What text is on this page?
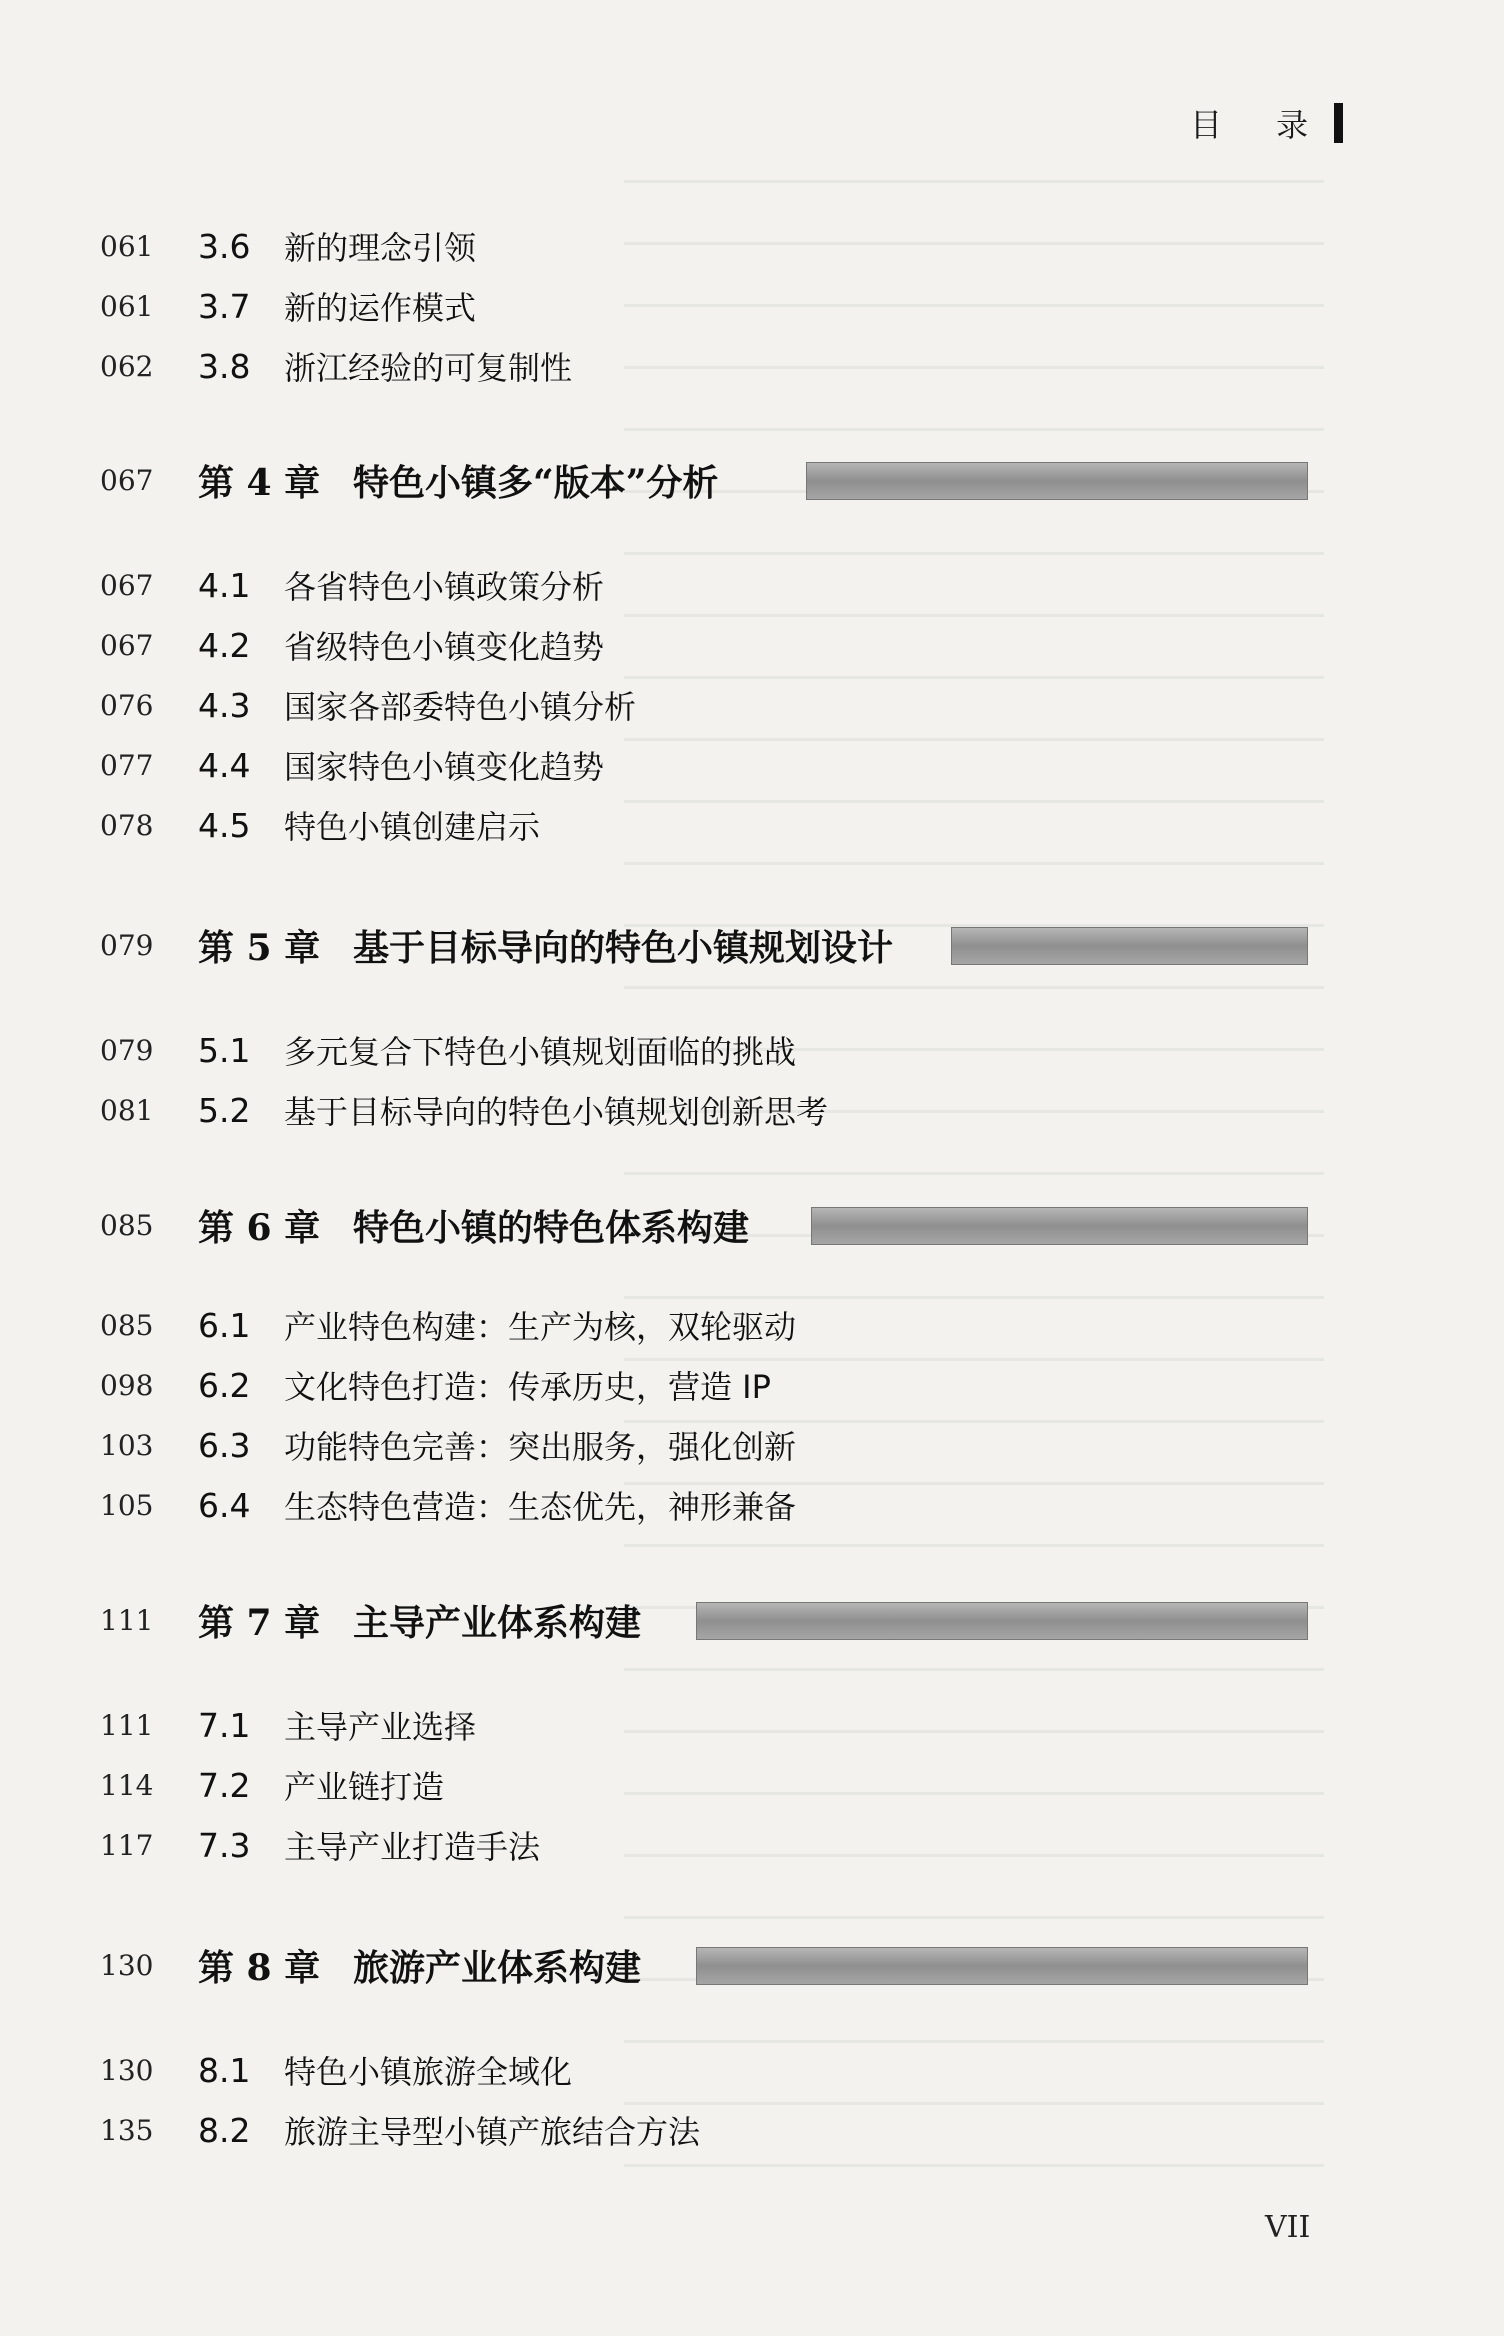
目 录
061	3.6	新的理念引领
061	3.7	新的运作模式
062	3.8	浙江经验的可复制性
067	第 4 章 特色小镇多“版本”分析
067	4.1	各省特色小镇政策分析
067	4.2	省级特色小镇变化趋势
076	4.3	国家各部委特色小镇分析
077	4.4	国家特色小镇变化趋势
078	4.5	特色小镇创建启示
079	第 5 章 基于目标导向的特色小镇规划设计
079	5.1	多元复合下特色小镇规划面临的挑战
081	5.2	基于目标导向的特色小镇规划创新思考
085	第 6 章 特色小镇的特色体系构建
085	6.1	产业特色构建：生产为核，双轮驱动
098	6.2	文化特色打造：传承历史，营造 IP
103	6.3	功能特色完善：突出服务，强化创新
105	6.4	生态特色营造：生态优先，神形兼备
111	第 7 章 主导产业体系构建
111	7.1	主导产业选择
114	7.2	产业链打造
117	7.3	主导产业打造手法
130	第 8 章 旅游产业体系构建
130	8.1	特色小镇旅游全域化
135	8.2	旅游主导型小镇产旅结合方法
VII
